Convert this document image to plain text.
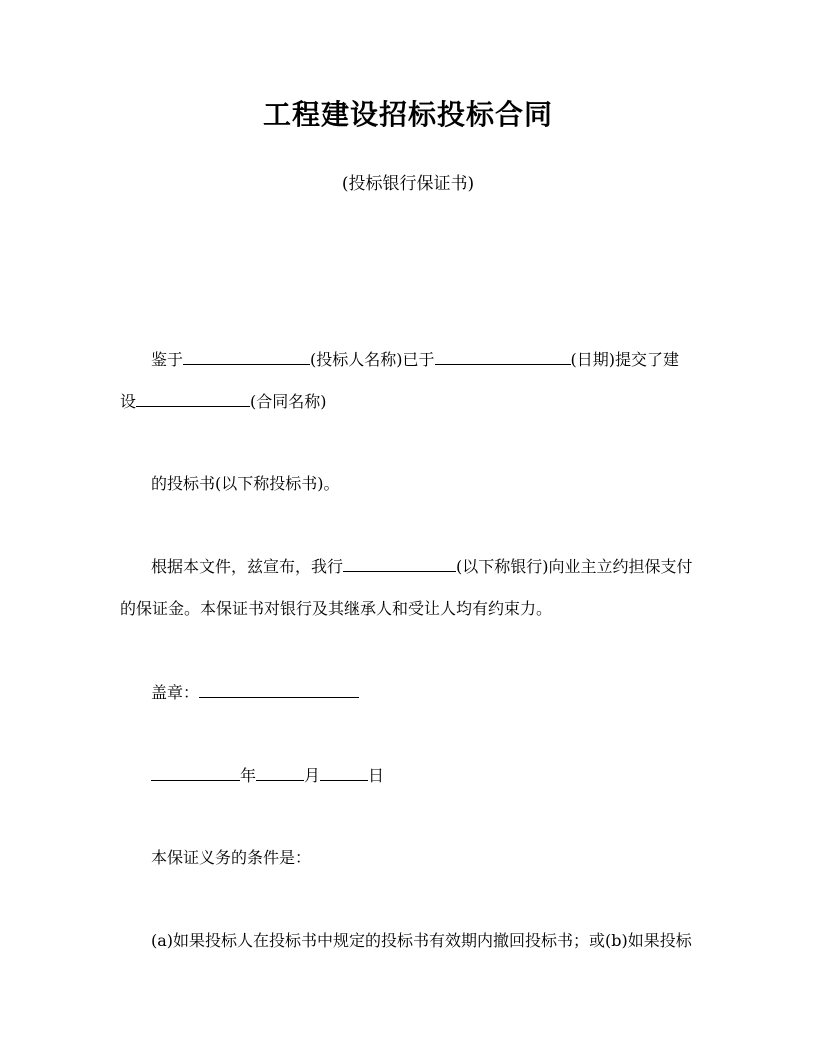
工程建设招标投标合同
(投标银行保证书)
鉴于	(投标人名称)已于	(日期)提交了建
设	(合同名称)
的投标书(以下称投标书)。
根据本文件，兹宣布，我行	(以下称银行)向业主立约担保支付
的保证金。本保证书对银行及其继承人和受让人均有约束力。
盖章：
年	月	日
本保证义务的条件是：
(a)如果投标人在投标书中规定的投标书有效期内撤回投标书；或(b)如果投标
